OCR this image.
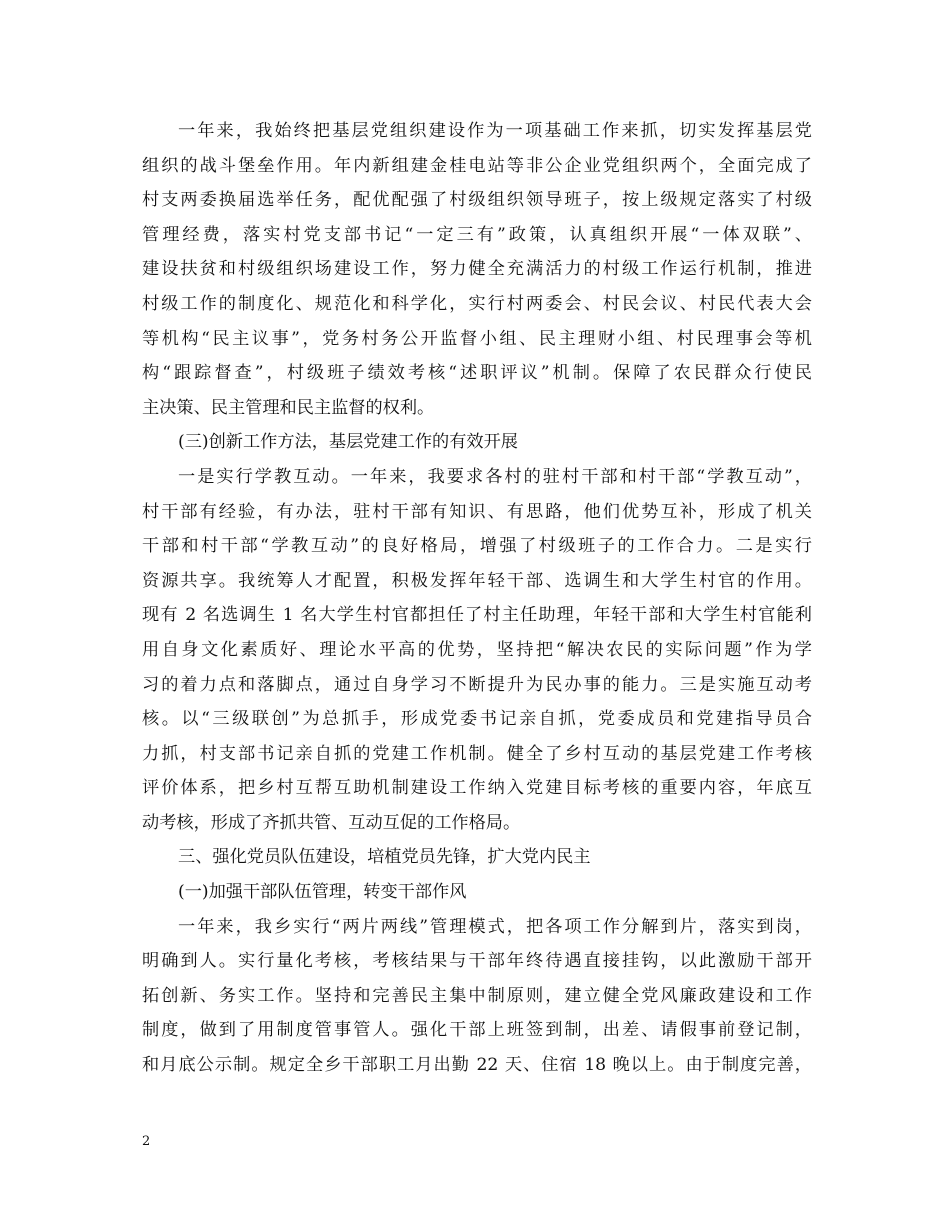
一年来，我始终把基层党组织建设作为一项基础工作来抓，切实发挥基层党
组织的战斗堡垒作用。年内新组建金桂电站等非公企业党组织两个，全面完成了
村支两委换届选举任务，配优配强了村级组织领导班子，按上级规定落实了村级
管理经费，落实村党支部书记“一定三有”政策，认真组织开展“一体双联”、
建设扶贫和村级组织场建设工作，努力健全充满活力的村级工作运行机制，推进
村级工作的制度化、规范化和科学化，实行村两委会、村民会议、村民代表大会
等机构“民主议事”，党务村务公开监督小组、民主理财小组、村民理事会等机
构“跟踪督查”，村级班子绩效考核“述职评议”机制。保障了农民群众行使民
主决策、民主管理和民主监督的权利。
(三)创新工作方法，基层党建工作的有效开展
一是实行学教互动。一年来，我要求各村的驻村干部和村干部“学教互动”，
村干部有经验，有办法，驻村干部有知识、有思路，他们优势互补，形成了机关
干部和村干部“学教互动”的良好格局，增强了村级班子的工作合力。二是实行
资源共享。我统筹人才配置，积极发挥年轻干部、选调生和大学生村官的作用。
现有 2 名选调生 1 名大学生村官都担任了村主任助理，年轻干部和大学生村官能利
用自身文化素质好、理论水平高的优势，坚持把“解决农民的实际问题”作为学
习的着力点和落脚点，通过自身学习不断提升为民办事的能力。三是实施互动考
核。以“三级联创”为总抓手，形成党委书记亲自抓，党委成员和党建指导员合
力抓，村支部书记亲自抓的党建工作机制。健全了乡村互动的基层党建工作考核
评价体系，把乡村互帮互助机制建设工作纳入党建目标考核的重要内容，年底互
动考核，形成了齐抓共管、互动互促的工作格局。
三、强化党员队伍建设，培植党员先锋，扩大党内民主
(一)加强干部队伍管理，转变干部作风
一年来，我乡实行“两片两线”管理模式，把各项工作分解到片，落实到岗，
明确到人。实行量化考核，考核结果与干部年终待遇直接挂钩，以此激励干部开
拓创新、务实工作。坚持和完善民主集中制原则，建立健全党风廉政建设和工作
制度，做到了用制度管事管人。强化干部上班签到制，出差、请假事前登记制，
和月底公示制。规定全乡干部职工月出勤 22 天、住宿 18 晚以上。由于制度完善，
2
